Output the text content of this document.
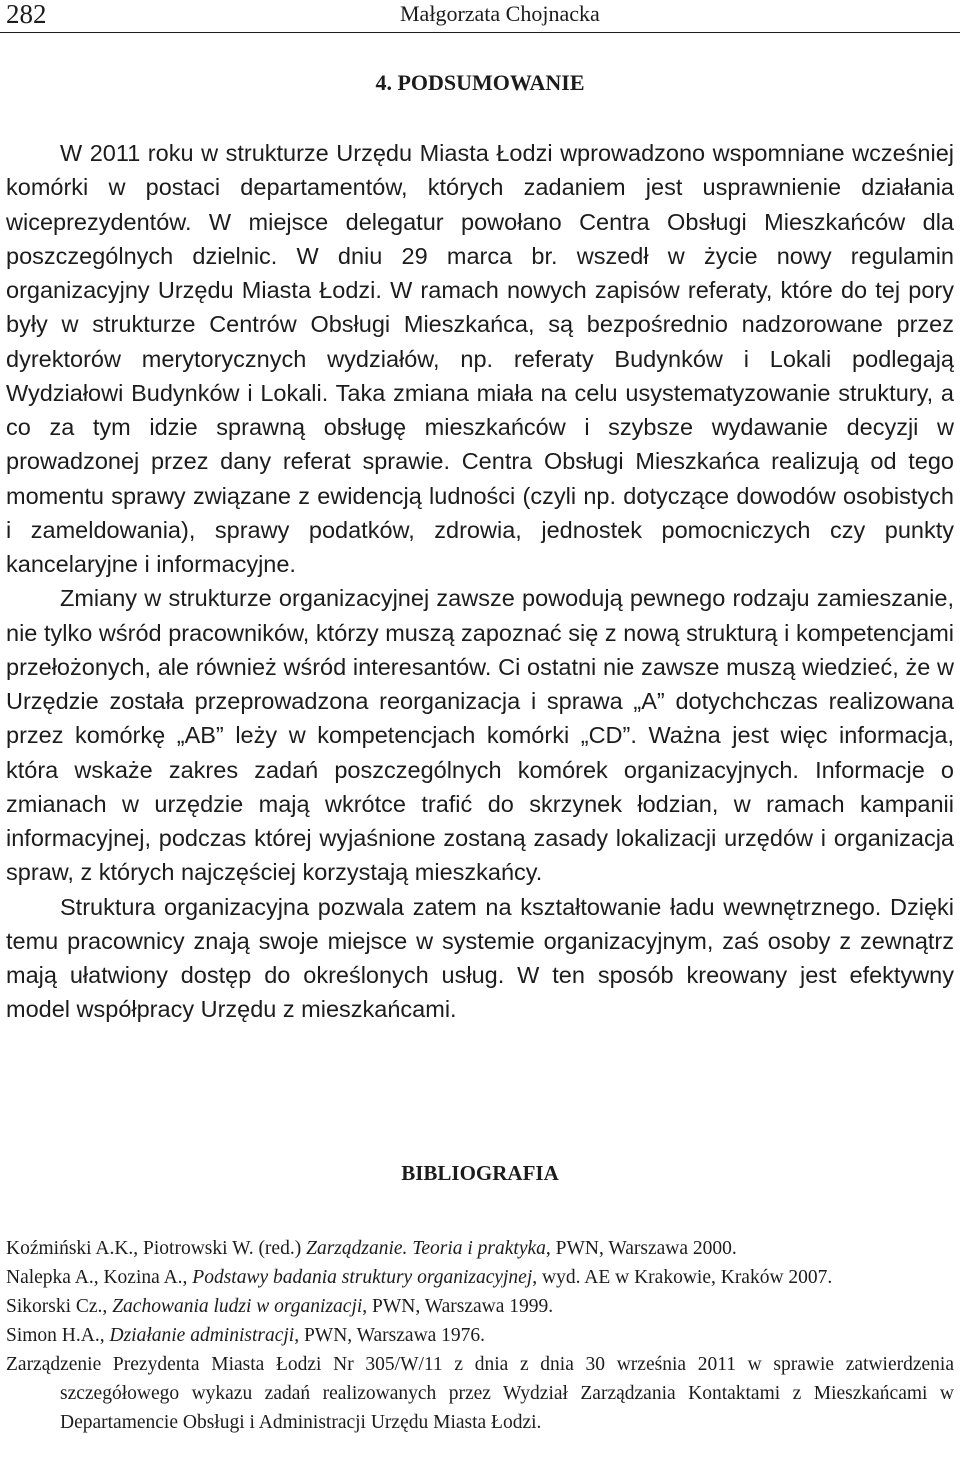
282	Małgorzata Chojnacka
4. PODSUMOWANIE

W 2011 roku w strukturze Urzędu Miasta Łodzi wprowadzono wspomniane wcześniej komórki w postaci departamentów, których zadaniem jest usprawnienie działania wiceprezydentów. W miejsce delegatur powołano Centra Obsługi Mieszkańców dla poszczególnych dzielnic. W dniu 29 marca br. wszedł w życie nowy regulamin organizacyjny Urzędu Miasta Łodzi. W ramach nowych zapisów referaty, które do tej pory były w strukturze Centrów Obsługi Mieszkańca, są bezpośrednio nadzorowane przez dyrektorów merytorycznych wydziałów, np. referaty Budynków i Lokali podlegają Wydziałowi Budynków i Lokali. Taka zmiana miała na celu usystematyzowanie struktury, a co za tym idzie sprawną obsługę mieszkańców i szybsze wydawanie decyzji w prowadzonej przez dany referat sprawie. Centra Obsługi Mieszkańca realizują od tego momentu sprawy związane z ewidencją ludności (czyli np. dotyczące dowodów osobistych i zameldowania), sprawy podatków, zdrowia, jednostek pomocniczych czy punkty kancelaryjne i informacyjne.

Zmiany w strukturze organizacyjnej zawsze powodują pewnego rodzaju zamieszanie, nie tylko wśród pracowników, którzy muszą zapoznać się z nową strukturą i kompetencjami przełożonych, ale również wśród interesantów. Ci ostatni nie zawsze muszą wiedzieć, że w Urzędzie została przeprowadzona reorganizacja i sprawa „A” dotychchczas realizowana przez komórkę „AB” leży w kompetencjach komórki „CD”. Ważna jest więc informacja, która wskaże zakres zadań poszczególnych komórek organizacyjnych. Informacje o zmianach w urzędzie mają wkrótce trafić do skrzynek łodzian, w ramach kampanii informacyjnej, podczas której wyjaśnione zostaną zasady lokalizacji urzędów i organizacja spraw, z których najczęściej korzystają mieszkańcy.

Struktura organizacyjna pozwala zatem na kształtowanie ładu wewnętrznego. Dzięki temu pracownicy znają swoje miejsce w systemie organizacyjnym, zaś osoby z zewnątrz mają ułatwiony dostęp do określonych usług. W ten sposób kreowany jest efektywny model współpracy Urzędu z mieszkańcami.

BIBLIOGRAFIA
Koźmiński A.K., Piotrowski W. (red.) Zarządzanie. Teoria i praktyka, PWN, Warszawa 2000.
Nalepka A., Kozina A., Podstawy badania struktury organizacyjnej, wyd. AE w Krakowie, Kraków 2007.
Sikorski Cz., Zachowania ludzi w organizacji, PWN, Warszawa 1999.
Simon H.A., Działanie administracji, PWN, Warszawa 1976.
Zarządzenie Prezydenta Miasta Łodzi Nr 305/W/11 z dnia z dnia 30 września 2011 w sprawie zatwierdzenia szczegółowego wykazu zadań realizowanych przez Wydział Zarządzania Kontaktami z Mieszkańcami w Departamencie Obsługi i Administracji Urzędu Miasta Łodzi.
